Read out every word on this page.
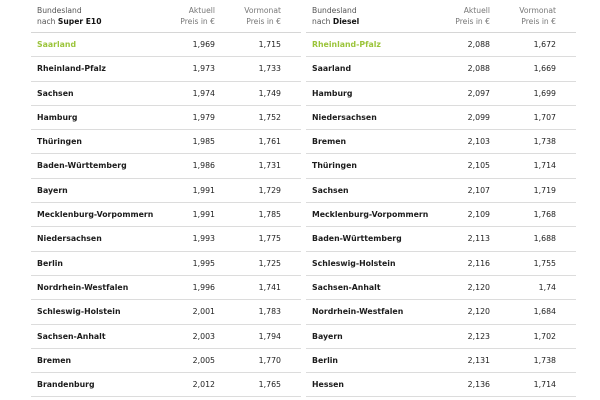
Bundesland
nach Super E10
Aktuell
Preis in €
Vormonat
Preis in €
Saarland	1,969	1,715
Rheinland-Pfalz	1,973	1,733
Sachsen	1,974	1,749
Hamburg	1,979	1,752
Thüringen	1,985	1,761
Baden-Württemberg	1,986	1,731
Bayern	1,991	1,729
Mecklenburg-Vorpommern	1,991	1,785
Niedersachsen	1,993	1,775
Berlin	1,995	1,725
Nordrhein-Westfalen	1,996	1,741
Schleswig-Holstein	2,001	1,783
Sachsen-Anhalt	2,003	1,794
Bremen	2,005	1,770
Brandenburg	2,012	1,765
Bundesland
nach Diesel
Aktuell
Preis in €
Vormonat
Preis in €
Rheinland-Pfalz	2,088	1,672
Saarland	2,088	1,669
Hamburg	2,097	1,699
Niedersachsen	2,099	1,707
Bremen	2,103	1,738
Thüringen	2,105	1,714
Sachsen	2,107	1,719
Mecklenburg-Vorpommern	2,109	1,768
Baden-Württemberg	2,113	1,688
Schleswig-Holstein	2,116	1,755
Sachsen-Anhalt	2,120	1,74
Nordrhein-Westfalen	2,120	1,684
Bayern	2,123	1,702
Berlin	2,131	1,738
Hessen	2,136	1,714
